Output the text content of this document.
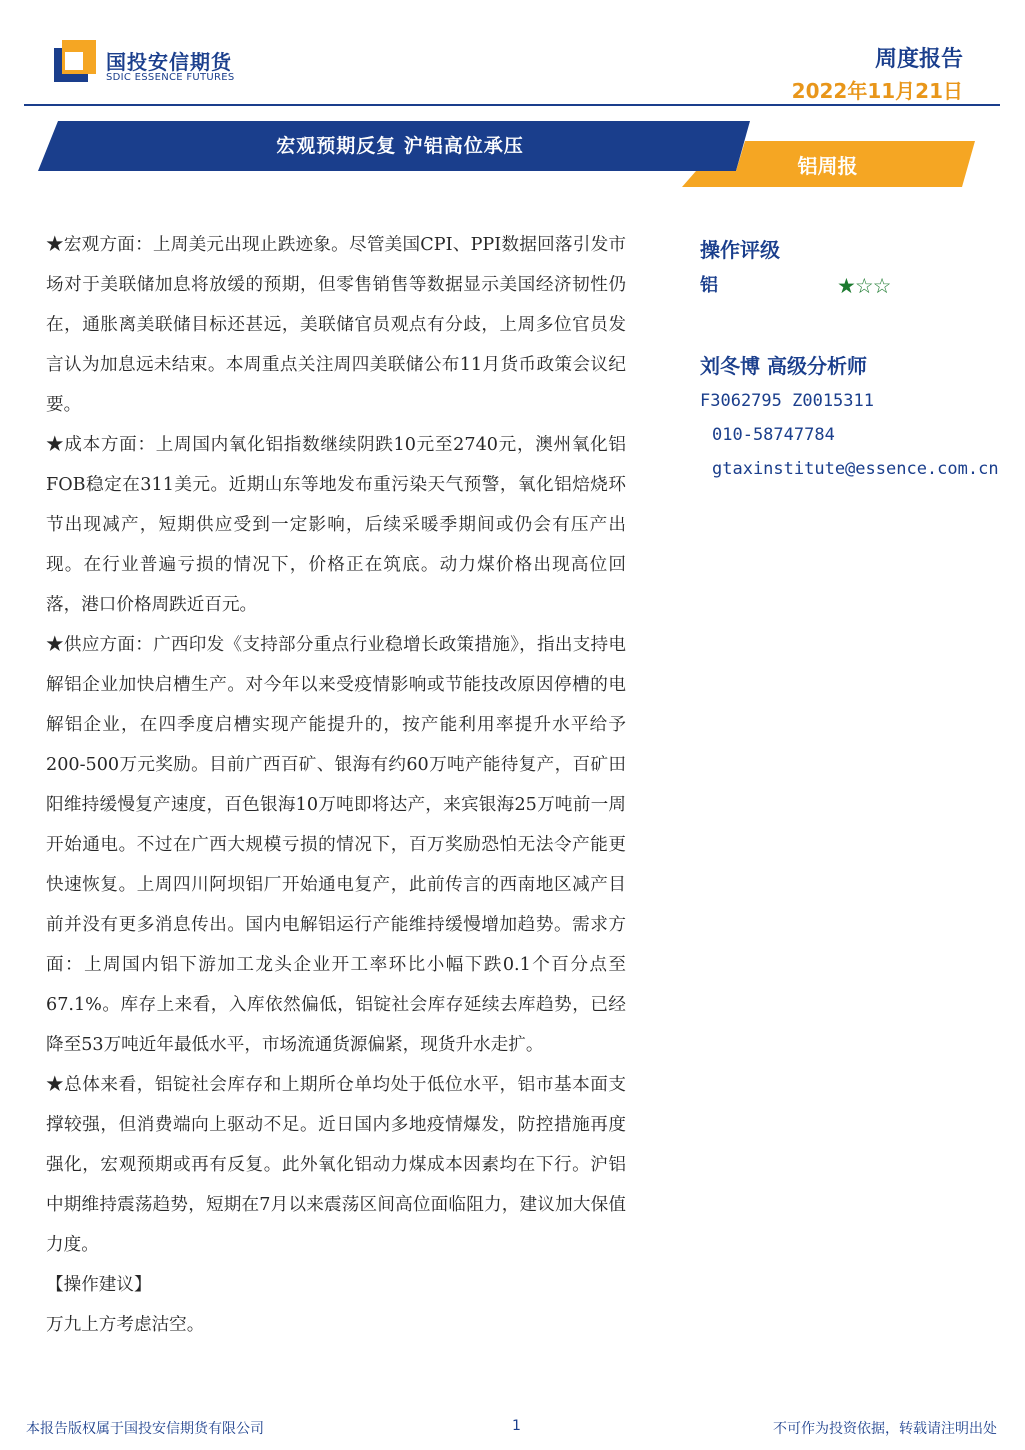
国投安信期货
SDIC ESSENCE FUTURES
周度报告
2022年11月21日
宏观预期反复 沪铝高位承压
铝周报

★宏观方面：上周美元出现止跌迹象。尽管美国CPI、PPI数据回落引发市场对于美联储加息将放缓的预期，但零售销售等数据显示美国经济韧性仍在，通胀离美联储目标还甚远，美联储官员观点有分歧，上周多位官员发言认为加息远未结束。本周重点关注周四美联储公布11月货币政策会议纪要。

★成本方面：上周国内氧化铝指数继续阴跌10元至2740元，澳州氧化铝FOB稳定在311美元。近期山东等地发布重污染天气预警，氧化铝焙烧环节出现减产，短期供应受到一定影响，后续采暖季期间或仍会有压产出现。在行业普遍亏损的情况下，价格正在筑底。动力煤价格出现高位回落，港口价格周跌近百元。

★供应方面：广西印发《支持部分重点行业稳增长政策措施》，指出支持电解铝企业加快启槽生产。对今年以来受疫情影响或节能技改原因停槽的电解铝企业，在四季度启槽实现产能提升的，按产能利用率提升水平给予200-500万元奖励。目前广西百矿、银海有约60万吨产能待复产，百矿田阳维持缓慢复产速度，百色银海10万吨即将达产，来宾银海25万吨前一周开始通电。不过在广西大规模亏损的情况下，百万奖励恐怕无法令产能更快速恢复。上周四川阿坝铝厂开始通电复产，此前传言的西南地区减产目前并没有更多消息传出。国内电解铝运行产能维持缓慢增加趋势。需求方面：上周国内铝下游加工龙头企业开工率环比小幅下跌0.1个百分点至67.1%。库存上来看，入库依然偏低，铝锭社会库存延续去库趋势，已经降至53万吨近年最低水平，市场流通货源偏紧，现货升水走扩。

★总体来看，铝锭社会库存和上期所仓单均处于低位水平，铝市基本面支撑较强，但消费端向上驱动不足。近日国内多地疫情爆发，防控措施再度强化，宏观预期或再有反复。此外氧化铝动力煤成本因素均在下行。沪铝中期维持震荡趋势，短期在7月以来震荡区间高位面临阻力，建议加大保值力度。

【操作建议】

万九上方考虑沽空。

操作评级
铝	★☆☆
刘冬博 高级分析师
F3062795 Z0015311
010-58747784
gtaxinstitute@essence.com.cn
本报告版权属于国投安信期货有限公司	1	不可作为投资依据，转载请注明出处
